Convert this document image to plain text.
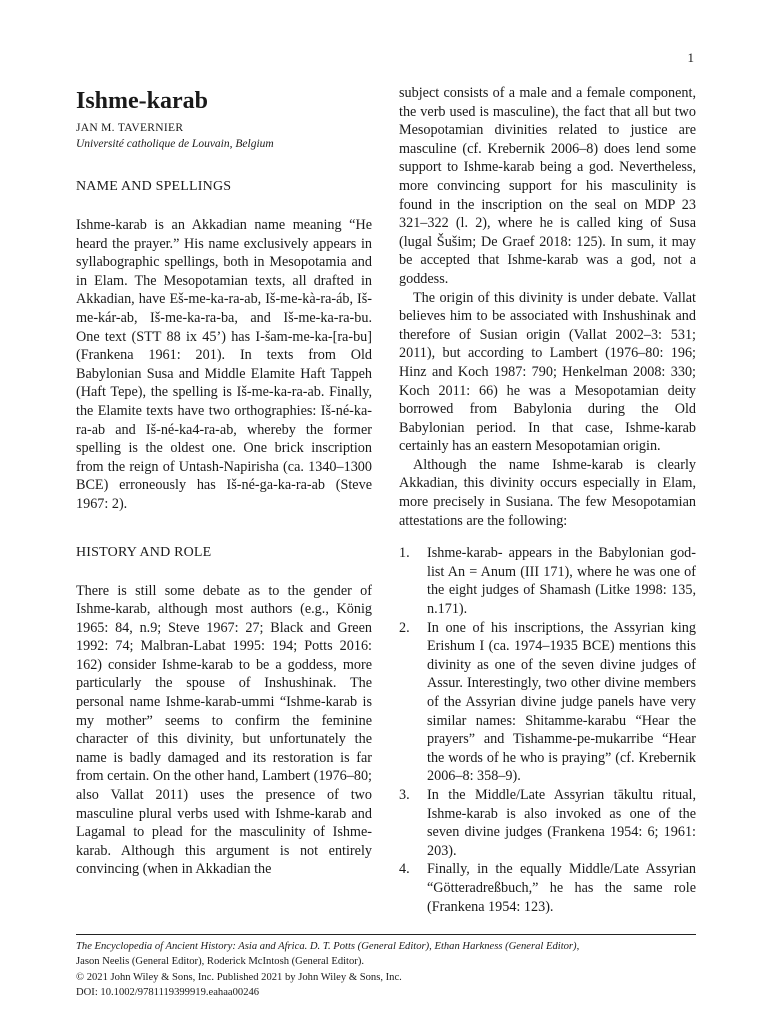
1
Ishme-karab

JAN M. TAVERNIER

Université catholique de Louvain, Belgium

NAME AND SPELLINGS

Ishme-karab is an Akkadian name meaning “He heard the prayer.” His name exclusively appears in syllabographic spellings, both in Mesopotamia and in Elam. The Mesopotamian texts, all drafted in Akkadian, have Eš-me-ka-ra-ab, Iš-me-kà-ra-áb, Iš-me-kár-ab, Iš-me-ka-ra-ba, and Iš-me-ka-ra-bu. One text (STT 88 ix 45’) has I-šam-me-ka-[ra-bu] (Frankena 1961: 201). In texts from Old Babylonian Susa and Middle Elamite Haft Tappeh (Haft Tepe), the spelling is Iš-me-ka-ra-ab. Finally, the Elamite texts have two orthographies: Iš-né-ka-ra-ab and Iš-né-ka4-ra-ab, whereby the former spelling is the oldest one. One brick inscription from the reign of Untash-Napirisha (ca. 1340–1300 BCE) erroneously has Iš-né-ga-ka-ra-ab (Steve 1967: 2).

HISTORY AND ROLE

There is still some debate as to the gender of Ishme-karab, although most authors (e.g., König 1965: 84, n.9; Steve 1967: 27; Black and Green 1992: 74; Malbran-Labat 1995: 194; Potts 2016: 162) consider Ishme-karab to be a goddess, more particularly the spouse of Inshushinak. The personal name Ishme-karab-ummi “Ishme-karab is my mother” seems to confirm the feminine character of this divinity, but unfortunately the name is badly damaged and its restoration is far from certain. On the other hand, Lambert (1976–80; also Vallat 2011) uses the presence of two masculine plural verbs used with Ishme-karab and Lagamal to plead for the masculinity of Ishme-karab. Although this argument is not entirely convincing (when in Akkadian the

subject consists of a male and a female component, the verb used is masculine), the fact that all but two Mesopotamian divinities related to justice are masculine (cf. Krebernik 2006–8) does lend some support to Ishme-karab being a god. Nevertheless, more convincing support for his masculinity is found in the inscription on the seal on MDP 23 321–322 (l. 2), where he is called king of Susa (lugal Šušim; De Graef 2018: 125). In sum, it may be accepted that Ishme-karab was a god, not a goddess.

The origin of this divinity is under debate. Vallat believes him to be associated with Inshushinak and therefore of Susian origin (Vallat 2002–3: 531; 2011), but according to Lambert (1976–80: 196; Hinz and Koch 1987: 790; Henkelman 2008: 330; Koch 2011: 66) he was a Mesopotamian deity borrowed from Babylonia during the Old Babylonian period. In that case, Ishme-karab certainly has an eastern Mesopotamian origin.

Although the name Ishme-karab is clearly Akkadian, this divinity occurs especially in Elam, more precisely in Susiana. The few Mesopotamian attestations are the following:

1. Ishme-karab- appears in the Babylonian god-list An = Anum (III 171), where he was one of the eight judges of Shamash (Litke 1998: 135, n.171).
2. In one of his inscriptions, the Assyrian king Erishum I (ca. 1974–1935 BCE) mentions this divinity as one of the seven divine judges of Assur. Interestingly, two other divine members of the Assyrian divine judge panels have very similar names: Shitamme-karabu “Hear the prayers” and Tishamme-pe-mukarribe “Hear the words of he who is praying” (cf. Krebernik 2006–8: 358–9).
3. In the Middle/Late Assyrian tākultu ritual, Ishme-karab is also invoked as one of the seven divine judges (Frankena 1954: 6; 1961: 203).
4. Finally, in the equally Middle/Late Assyrian “Götteradreßbuch,” he has the same role (Frankena 1954: 123).

The Encyclopedia of Ancient History: Asia and Africa. D. T. Potts (General Editor), Ethan Harkness (General Editor),

Jason Neelis (General Editor), Roderick McIntosh (General Editor).

© 2021 John Wiley & Sons, Inc. Published 2021 by John Wiley & Sons, Inc.

DOI: 10.1002/9781119399919.eahaa00246
